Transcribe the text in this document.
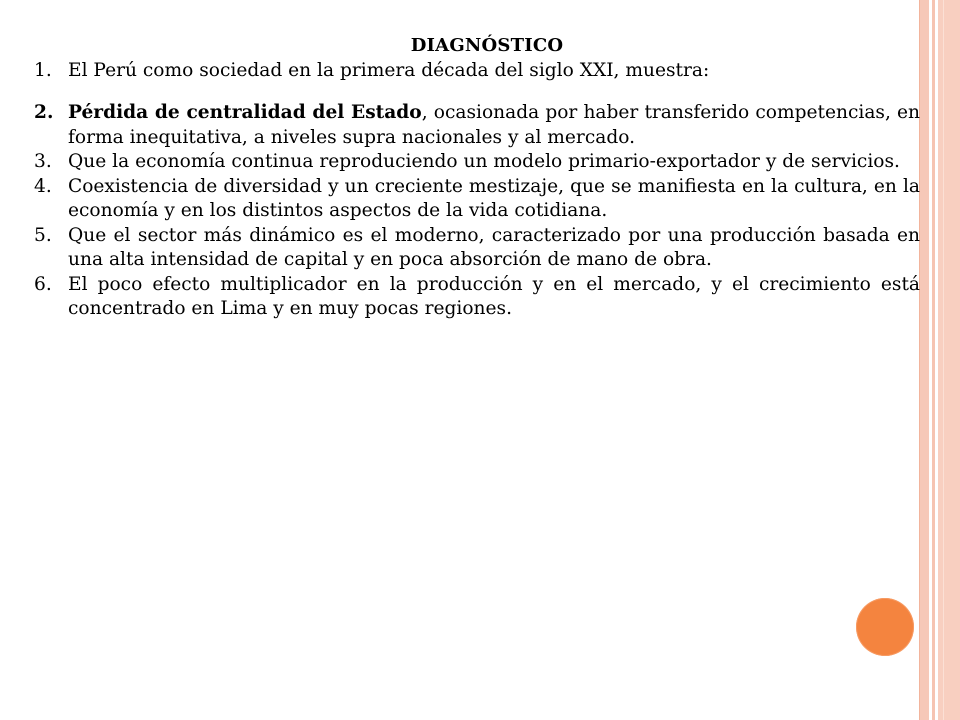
DIAGNÓSTICO
1. El Perú como sociedad en la primera década del siglo XXI, muestra:
2. Pérdida de centralidad del Estado, ocasionada por haber transferido competencias, en forma inequitativa, a niveles supra nacionales y al mercado.
3. Que la economía continua reproduciendo un modelo primario-exportador y de servicios.
4. Coexistencia de diversidad y un creciente mestizaje, que se manifiesta en la cultura, en la economía y en los distintos aspectos de la vida cotidiana.
5. Que el sector más dinámico es el moderno, caracterizado por una producción basada en una alta intensidad de capital y en poca absorción de mano de obra.
6. El poco efecto multiplicador en la producción y en el mercado, y el crecimiento está concentrado en Lima y en muy pocas regiones.
